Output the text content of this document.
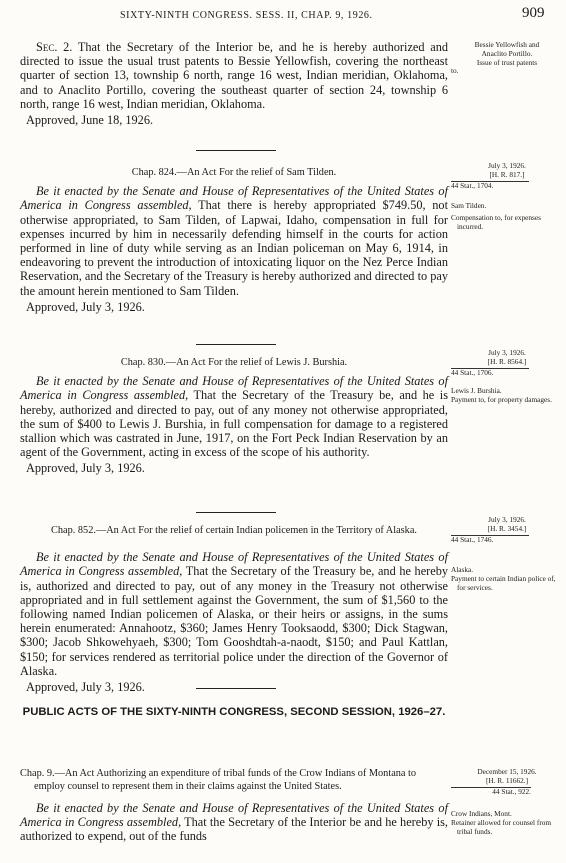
SIXTY-NINTH CONGRESS. SESS. II, CHAP. 9, 1926.	909

Sec. 2. That the Secretary of the Interior be, and he is hereby authorized and directed to issue the usual trust patents to Bessie Yellowfish, covering the northeast quarter of section 13, township 6 north, range 16 west, Indian meridian, Oklahoma, and to Anaclito Portillo, covering the southeast quarter of section 24, township 6 north, range 16 west, Indian meridian, Oklahoma.

Approved, June 18, 1926.

Bessie Yellowfish and

Anaclito Portillo.

Issue of trust patents

to.

Chap. 824.—An Act For the relief of Sam Tilden.

Be it enacted by the Senate and House of Representatives of the United States of America in Congress assembled, That there is hereby appropriated $749.50, not otherwise appropriated, to Sam Tilden, of Lapwai, Idaho, compensation in full for expenses incurred by him in necessarily defending himself in the courts for action performed in line of duty while serving as an Indian policeman on May 6, 1914, in endeavoring to prevent the introduction of intoxicating liquor on the Nez Perce Indian Reservation, and the Secretary of the Treasury is hereby authorized and directed to pay the amount herein mentioned to Sam Tilden.

Approved, July 3, 1926.

July 3, 1926.

[H. R. 817.]

44 Stat., 1704.

Sam Tilden.

Compensation to, for expenses incurred.

Chap. 830.—An Act For the relief of Lewis J. Burshia.

Be it enacted by the Senate and House of Representatives of the United States of America in Congress assembled, That the Secretary of the Treasury be, and he is hereby, authorized and directed to pay, out of any money not otherwise appropriated, the sum of $400 to Lewis J. Burshia, in full compensation for damage to a registered stallion which was castrated in June, 1917, on the Fort Peck Indian Reservation by an agent of the Government, acting in excess of the scope of his authority.

Approved, July 3, 1926.

July 3, 1926.

[H. R. 8564.]

44 Stat., 1706.

Lewis J. Burshia.

Payment to, for property damages.

Chap. 852.—An Act For the relief of certain Indian policemen in the Territory of Alaska.

Be it enacted by the Senate and House of Representatives of the United States of America in Congress assembled, That the Secretary of the Treasury be, and he hereby is, authorized and directed to pay, out of any money in the Treasury not otherwise appropriated and in full settlement against the Government, the sum of $1,560 to the following named Indian policemen of Alaska, or their heirs or assigns, in the sums herein enumerated: Annahootz, $360; James Henry Tooksaodd, $300; Dick Stagwan, $300; Jacob Shkowehyaeh, $300; Tom Gooshdtah-a-naodt, $150; and Paul Kattlan, $150; for services rendered as territorial police under the direction of the Governor of Alaska.

Approved, July 3, 1926.

July 3, 1926.

[H. R. 3454.]

44 Stat., 1746.

Alaska.

Payment to certain Indian police of, for services.

PUBLIC ACTS OF THE SIXTY-NINTH CONGRESS, SECOND SESSION, 1926–27.

Chap. 9.—An Act Authorizing an expenditure of tribal funds of the Crow Indians of Montana to employ counsel to represent them in their claims against the United States.

Be it enacted by the Senate and House of Representatives of the United States of America in Congress assembled, That the Secretary of the Interior be and he hereby is, authorized to expend, out of the funds

December 15, 1926.

[H. R. 11662.]

44 Stat., 922.

Crow Indians, Mont.

Retainer allowed for counsel from tribal funds.
